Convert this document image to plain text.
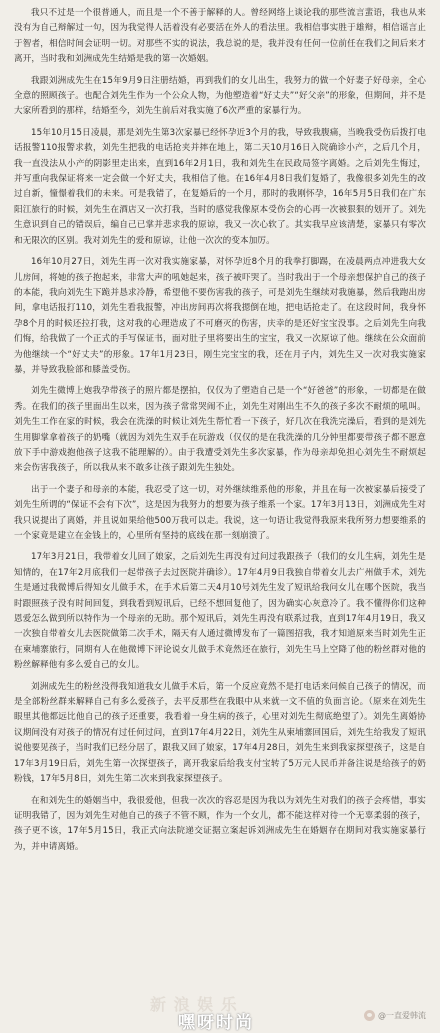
我只不过是一个很普通人，而且是一个不善于解释的人。曾经网络上谈论我的那些流言蜚语，我也从来没有为自己辩解过一句，因为我觉得人活着没有必要活在外人的看法里。我相信事实胜于雄辩，相信谣言止于智者，相信时间会证明一切。对那些不实的说法，我总说的是，我并没有任何一位前任在我们之间后来才离开，当时我和刘洲成先生结婚是我的第一次婚姻。

我跟刘洲成先生在15年9月9日注册结婚，再到我们的女儿出生，我努力的做一个好妻子好母亲，全心全意的照顾孩子。也配合刘先生作为一个公众人物，为他塑造着“好丈夫”“好父亲”的形象，但期间，并不是大家所看到的那样，结婚至今，刘先生前后对我实施了6次严重的家暴行为。

15年10月15日凌晨，那是刘先生第3次家暴已经怀孕近3个月的我，导致我腹痛，当晚我受伤后拨打电话报警110报警求救，刘先生把我的电话抢夹并摔在地上，第二天10月16日入院确诊小产，之后几个月，我一直没法从小产的阴影里走出来，直到16年2月1日，我和刘先生在民政局签字离婚。之后刘先生悔过，并写重向我保证将来一定会做一个好丈夫，我相信了他。在16年4月8日我们复婚了，我像很多刘先生的改过自新，憧憬着我们的未来。可是我错了，在复婚后的一个月，那时的我刚怀孕，16年5月5日我们在广东阳江旅行的时候，刘先生在酒店又一次打我，当时的感觉我像原本受伤会的心再一次被狠狠的划开了。刘先生意识到自己的错误后，编自己已掌并悲求我的原谅，我又一次心软了。其实我早应该清楚，家暴只有零次和无限次的区别。我对刘先生的爱和原谅，让他一次次的变本加厉。

16年10月27日，刘先生再一次对我实施家暴，对怀孕近8个月的我拳打脚踢，在凌晨两点冲进我大女儿房间，将她的孩子抱起来，非常大声的吼她起来，孩子被吓哭了。当时我出于一个母亲想保护自己的孩子的本能，我向刘先生下跪并恳求冷静，希望他不要伤害我的孩子，可是刘先生继续对我施暴，然后我跑出房间，拿电话报打110，刘先生看我报警，冲出房间再次将我摁倒在地，把电话抢走了。在这段时间，我身怀孕8个月的时候还拉打我，这对我的心理造成了不可磨灭的伤害，庆幸的是还好宝宝没事。之后刘先生向我们悔，给我做了一个正式的手写保证书，面对肚子里将要出生的宝宝，我又一次原谅了他。继续在公众面前为他继续一个“好丈夫”的形象。17年1月23日，刚生完宝宝的我，还在月子内，刘先生又一次对我实施家暴，并导致我脸部和膝盖受伤。

刘先生微博上炮我孕带孩子的照片都是摆拍，仅仅为了塑造自己是一个“好爸爸”的形象，一切都是在做秀。在我们的孩子里面出生以来，因为孩子常常哭闹不止，刘先生对刚出生不久的孩子多次不耐烦的吼叫。刘先生工作在家的时候，我会在洗澡的时候让刘先生帮忙看一下孩子，好几次在我洗完澡后，看到的是刘先生用脚掌拿着孩子的奶嘴（就因为刘先生双手在玩游戏（仅仅的是在我洗澡的几分钟里都要带孩子都不愿意放下手中游戏抱他孩子这我不能理解的）。由于我遭受刘先生多次家暴，作为母亲却免担心刘先生不耐烦起来会伤害我孩子，所以我从来不敢多让孩子跟刘先生独处。

出于一个妻子和母亲的本能，我忍受了这一切，对外继续维系他的形象，并且在每一次被家暴后接受了刘先生所谓的“保证不会有下次”，这是因为我努力的想要为孩子维系一个家。17年3月13日，刘洲成先生对我只说提出了离婚，并且说如果给他500万我可以走。我说，这一句语让我觉得我原来我所努力想要维系的一个家竟是建立在金钱上的，心里所有坚持的底线在那一刻崩溃了。

17年3月21日，我带着女儿回了娘家，之后刘先生再没有过问过我跟孩子（我们的女儿生病，刘先生是知情的，在17年2月底我们一起带孩子去过医院并确诊）。17年4月9日我独自带着女儿去广州做手术，刘先生是通过我微博后得知女儿做手术，在手术后第二天4月10号刘先生发了短讯给我问女儿在哪个医院，我当时跟照孩子没有时间回复，到我看到短讯后，已经不想回复他了，因为确实心灰意冷了。我不懂得你们这种恩爱怎么做到所以特作为一个母亲的无助。那个短讯后，刘先生再没有联系过我，直到17年4月19日，我又一次独自带着女儿去医院做第二次手术，隔天有人通过微博发布了一篇图招我，我才知道原来当时刘先生正在柬埔寨旅行，同期有人在他微博下评论说女儿做手术竟然还在旅行，刘先生马上空降了他的粉丝群对他的粉丝解释他有多么爱自己的女儿。

刘洲成先生的粉丝没得我知道我女儿做手术后，第一个反应竟然不是打电话来问候自己孩子的情况，而是全部粉丝群来解释自己有多么爱孩子，去平反那些在我眼中从来就一文不值的负面言论。（原来在刘先生眼里其他都远比他自己的孩子还重要，我看着一身生病的孩子，心里对刘先生彻底绝望了）。刘先生离婚协议期间没有对孩子的情况有过任何过问，直到17年4月22日，刘先生从柬埔寨回国后，刘先生给我发了短讯说他要见孩子，当时我们已经分居了，跟我又回了娘家，17年4月28日，刘先生来到我家探望孩子，这是自17年3月19日后，刘先生第一次探望孩子，离开我家后给我支付宝转了5万元人民币并备注说是给孩子的奶粉钱，17年5月8日，刘先生第二次来到我家探望孩子。

在和刘先生的婚姻当中，我很爱他，但我一次次的容忍是因为我以为刘先生对我们的孩子会疼惜，事实证明我错了，因为刘先生对他自己的孩子不管不顾，作为一个女儿，都不能这样对待一个无辜柔弱的孩子，孩子更不该，17年5月15日，我正式向法院递交证据立案起诉刘洲成先生在婚姻存在期间对我实施家暴行为，并申请离婚。

新 浪 娱 乐
嘿呀时尚	@一直爱韩流
